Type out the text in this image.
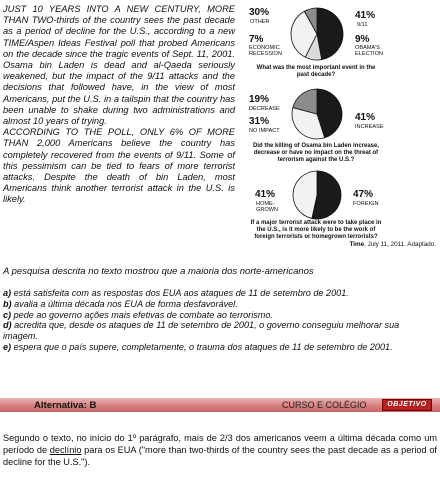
JUST 10 YEARS INTO A NEW CENTURY, MORE THAN TWO-thirds of the country sees the past decade as a period of decline for the U.S., according to a new TIME/Aspen Ideas Festival poll that probed Americans on the decade since the tragic events of Sept. 11, 2001. Osama bin Laden is dead and al-Qaeda seriously weakened, but the impact of the 9/11 attacks and the decisions that followed have, in the view of most Americans, put the U.S. in a tailspin that the country has been unable to shake during two administrations and almost 10 years of trying.

ACCORDING TO THE POLL, ONLY 6% OF MORE THAN 2,000 Americans believe the country has completely recovered from the events of 9/11. Some of this pessimism can be tied to fears of more terrorist attacks. Despite the death of bin Laden, most Americans think another terrorist attack in the U.S. is likely.

30%
OTHER
7%
ECONOMIC RECESSION
41%
9/11
9%
OBAMA'S ELECTION
What was the most important event in the past decade?
19%
DECREASE
31%
NO IMPACT
41%
INCREASE
Did the killing of Osama bin Laden increase, decrease or have no impact on the threat of terrorism against the U.S.?
41%
HOME-GROWN
47%
FOREIGN
If a major terrorist attack were to take place in the U.S., is it more likely to be the work of foreign terrorists or homegrown terrorists?
Time, July 11, 2011. Adaptado.
A pesquisa descrita no texto mostrou que a maioria dos norte-americanos

a) está satisfeita com as respostas dos EUA aos ataques de 11 de setembro de 2001.

b) avalia a última década nos EUA de forma desfavorável.

c) pede ao governo ações mais efetivas de combate ao terrorismo.

d) acredita que, desde os ataques de 11 de setembro de 2001, o governo conseguiu melhorar sua imagem.

e) espera que o país supere, completamente, o trauma dos ataques de 11 de setembro de 2001.

Alternativa: B	CURSO E COLÉGIO	OBJETIVO
Segundo o texto, no início do 1º parágrafo, mais de 2/3 dos americanos veem a última década como um período de declínio para os EUA ("more than two-thirds of the country sees the past decade as a period of decline for the U.S.").
